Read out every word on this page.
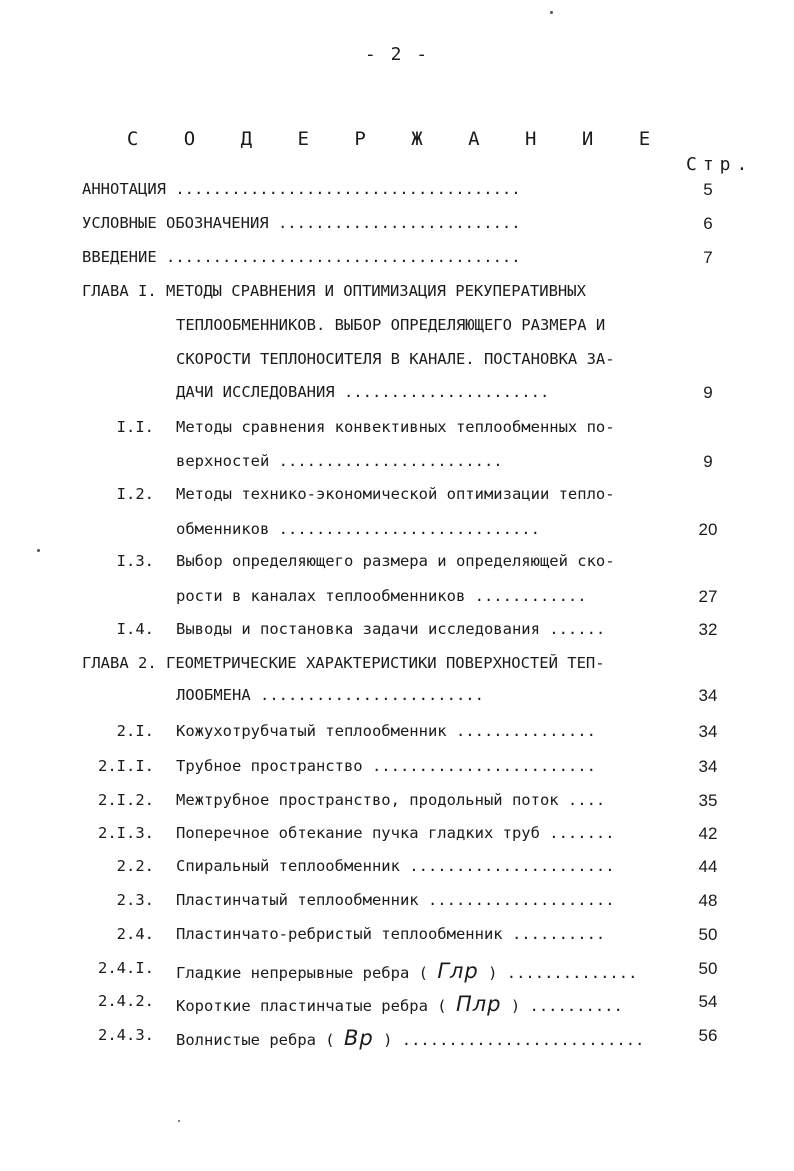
- 2 -
С О Д Е Р Ж А Н И Е
Стр.
АННОТАЦИЯ .....................................	5
УСЛОВНЫЕ ОБОЗНАЧЕНИЯ ..........................	6
ВВЕДЕНИЕ ......................................	7
ГЛАВА I. МЕТОДЫ СРАВНЕНИЯ И ОПТИМИЗАЦИЯ РЕКУПЕРАТИВНЫХ
ТЕПЛООБМЕННИКОВ. ВЫБОР ОПРЕДЕЛЯЮЩЕГО РАЗМЕРА И
СКОРОСТИ ТЕПЛОНОСИТЕЛЯ В КАНАЛЕ. ПОСТАНОВКА ЗА-
ДАЧИ ИССЛЕДОВАНИЯ ......................	9
I.I. Методы сравнения конвективных теплообменных по-
верхностей ........................	9
I.2. Методы технико-экономической оптимизации тепло-
обменников ............................	20
I.3. Выбор определяющего размера и определяющей ско-
рости в каналах теплообменников ............	27
I.4. Выводы и постановка задачи исследования ......	32
ГЛАВА 2. ГЕОМЕТРИЧЕСКИЕ ХАРАКТЕРИСТИКИ ПОВЕРХНОСТЕЙ ТЕП-
ЛООБМЕНА ........................	34
2.I. Кожухотрубчатый теплообменник ...............	34
2.I.I. Трубное пространство ........................	34
2.I.2. Межтрубное пространство, продольный поток ....	35
2.I.3. Поперечное обтекание пучка гладких труб .......	42
2.2. Спиральный теплообменник ......................	44
2.3. Пластинчатый теплообменник ....................	48
2.4. Пластинчато-ребристый теплообменник ..........	50
2.4.I. Гладкие непрерывные ребра ( Глр ) ..............	50
2.4.2. Короткие пластинчатые ребра ( Плр ) ..........	54
2.4.3. Волнистые ребра ( Вр ) ..........................	56
